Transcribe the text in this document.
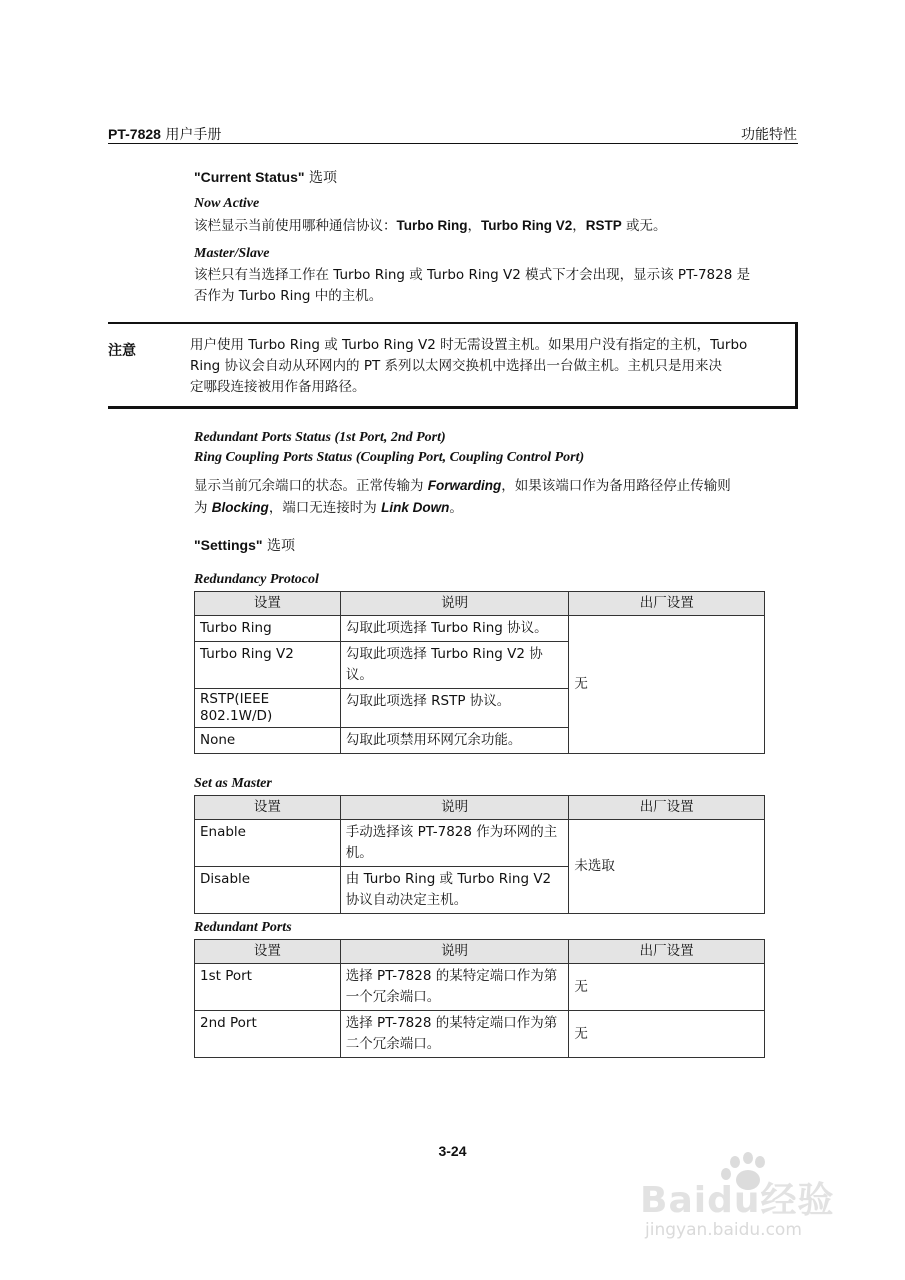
PT-7828 用户手册	功能特性
"Current Status" 选项
Now Active
该栏显示当前使用哪种通信协议：Turbo Ring，Turbo Ring V2，RSTP 或无。
Master/Slave
该栏只有当选择工作在 Turbo Ring 或 Turbo Ring V2 模式下才会出现，显示该 PT-7828 是
否作为 Turbo Ring 中的主机。
注意	用户使用 Turbo Ring 或 Turbo Ring V2 时无需设置主机。如果用户没有指定的主机，Turbo
Ring 协议会自动从环网内的 PT 系列以太网交换机中选择出一台做主机。主机只是用来决
定哪段连接被用作备用路径。
Redundant Ports Status (1st Port, 2nd Port)
Ring Coupling Ports Status (Coupling Port, Coupling Control Port)
显示当前冗余端口的状态。正常传输为 Forwarding，如果该端口作为备用路径停止传输则
为 Blocking，端口无连接时为 Link Down。
"Settings" 选项
Redundancy Protocol
设置	说明	出厂设置
Turbo Ring	勾取此项选择 Turbo Ring 协议。	无
Turbo Ring V2	勾取此项选择 Turbo Ring V2 协议。	
RSTP(IEEE 802.1W/D)	勾取此项选择 RSTP 协议。	
None	勾取此项禁用环网冗余功能。	
Set as Master
设置	说明	出厂设置
Enable	手动选择该 PT-7828 作为环网的主机。	未选取
Disable	由 Turbo Ring 或 Turbo Ring V2 协议自动决定主机。	
Redundant Ports
设置	说明	出厂设置
1st Port	选择 PT-7828 的某特定端口作为第一个冗余端口。	无
2nd Port	选择 PT-7828 的某特定端口作为第二个冗余端口。	无
3-24
Baidu经验
jingyan.baidu.com
